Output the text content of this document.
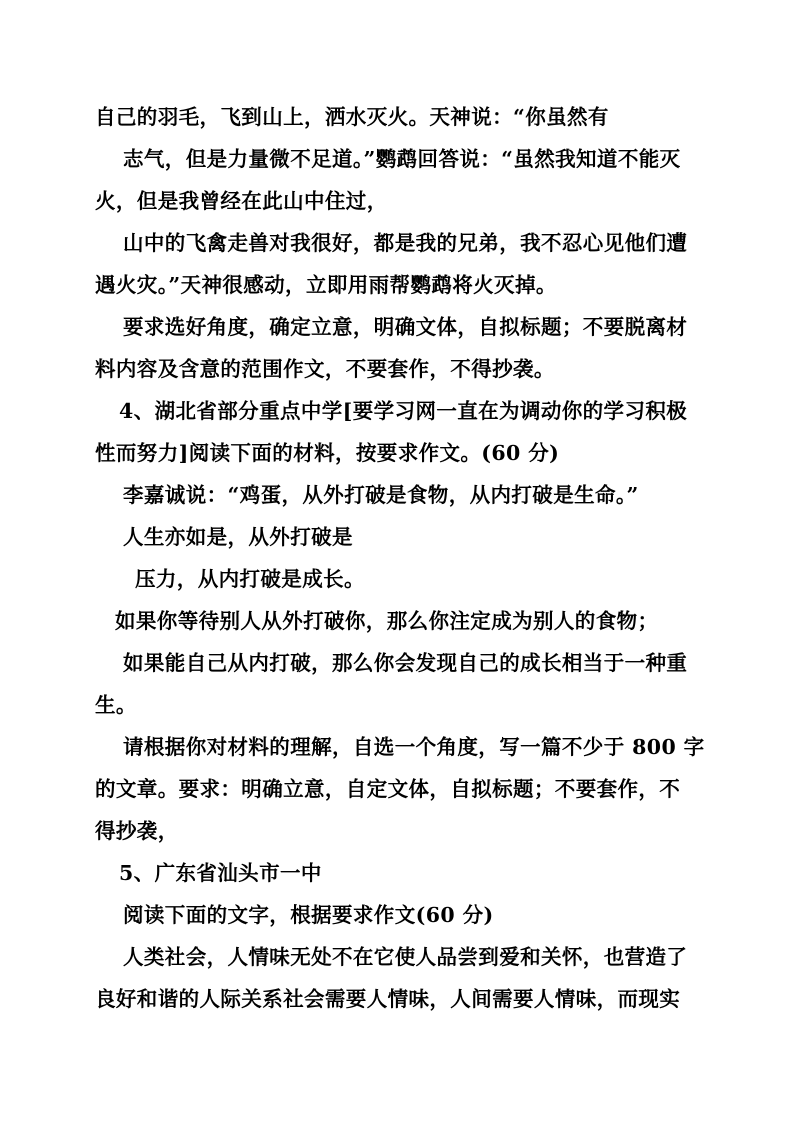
自己的羽毛，飞到山上，洒水灭火。天神说：“你虽然有
志气，但是力量微不足道。”鹦鹉回答说：“虽然我知道不能灭
火，但是我曾经在此山中住过，
山中的飞禽走兽对我很好，都是我的兄弟，我不忍心见他们遭
遇火灾。”天神很感动，立即用雨帮鹦鹉将火灭掉。
要求选好角度，确定立意，明确文体，自拟标题；不要脱离材
料内容及含意的范围作文，不要套作，不得抄袭。
4、湖北省部分重点中学[要学习网一直在为调动你的学习积极
性而努力]阅读下面的材料，按要求作文。(60 分)
李嘉诚说：“鸡蛋，从外打破是食物，从内打破是生命。”
人生亦如是，从外打破是
压力，从内打破是成长。
如果你等待别人从外打破你，那么你注定成为别人的食物；
如果能自己从内打破，那么你会发现自己的成长相当于一种重
生。
请根据你对材料的理解，自选一个角度，写一篇不少于 800 字
的文章。要求：明确立意，自定文体，自拟标题；不要套作，不
得抄袭，
5、广东省汕头市一中
阅读下面的文字，根据要求作文(60 分)
人类社会，人情味无处不在它使人品尝到爱和关怀，也营造了
良好和谐的人际关系社会需要人情味，人间需要人情味，而现实
